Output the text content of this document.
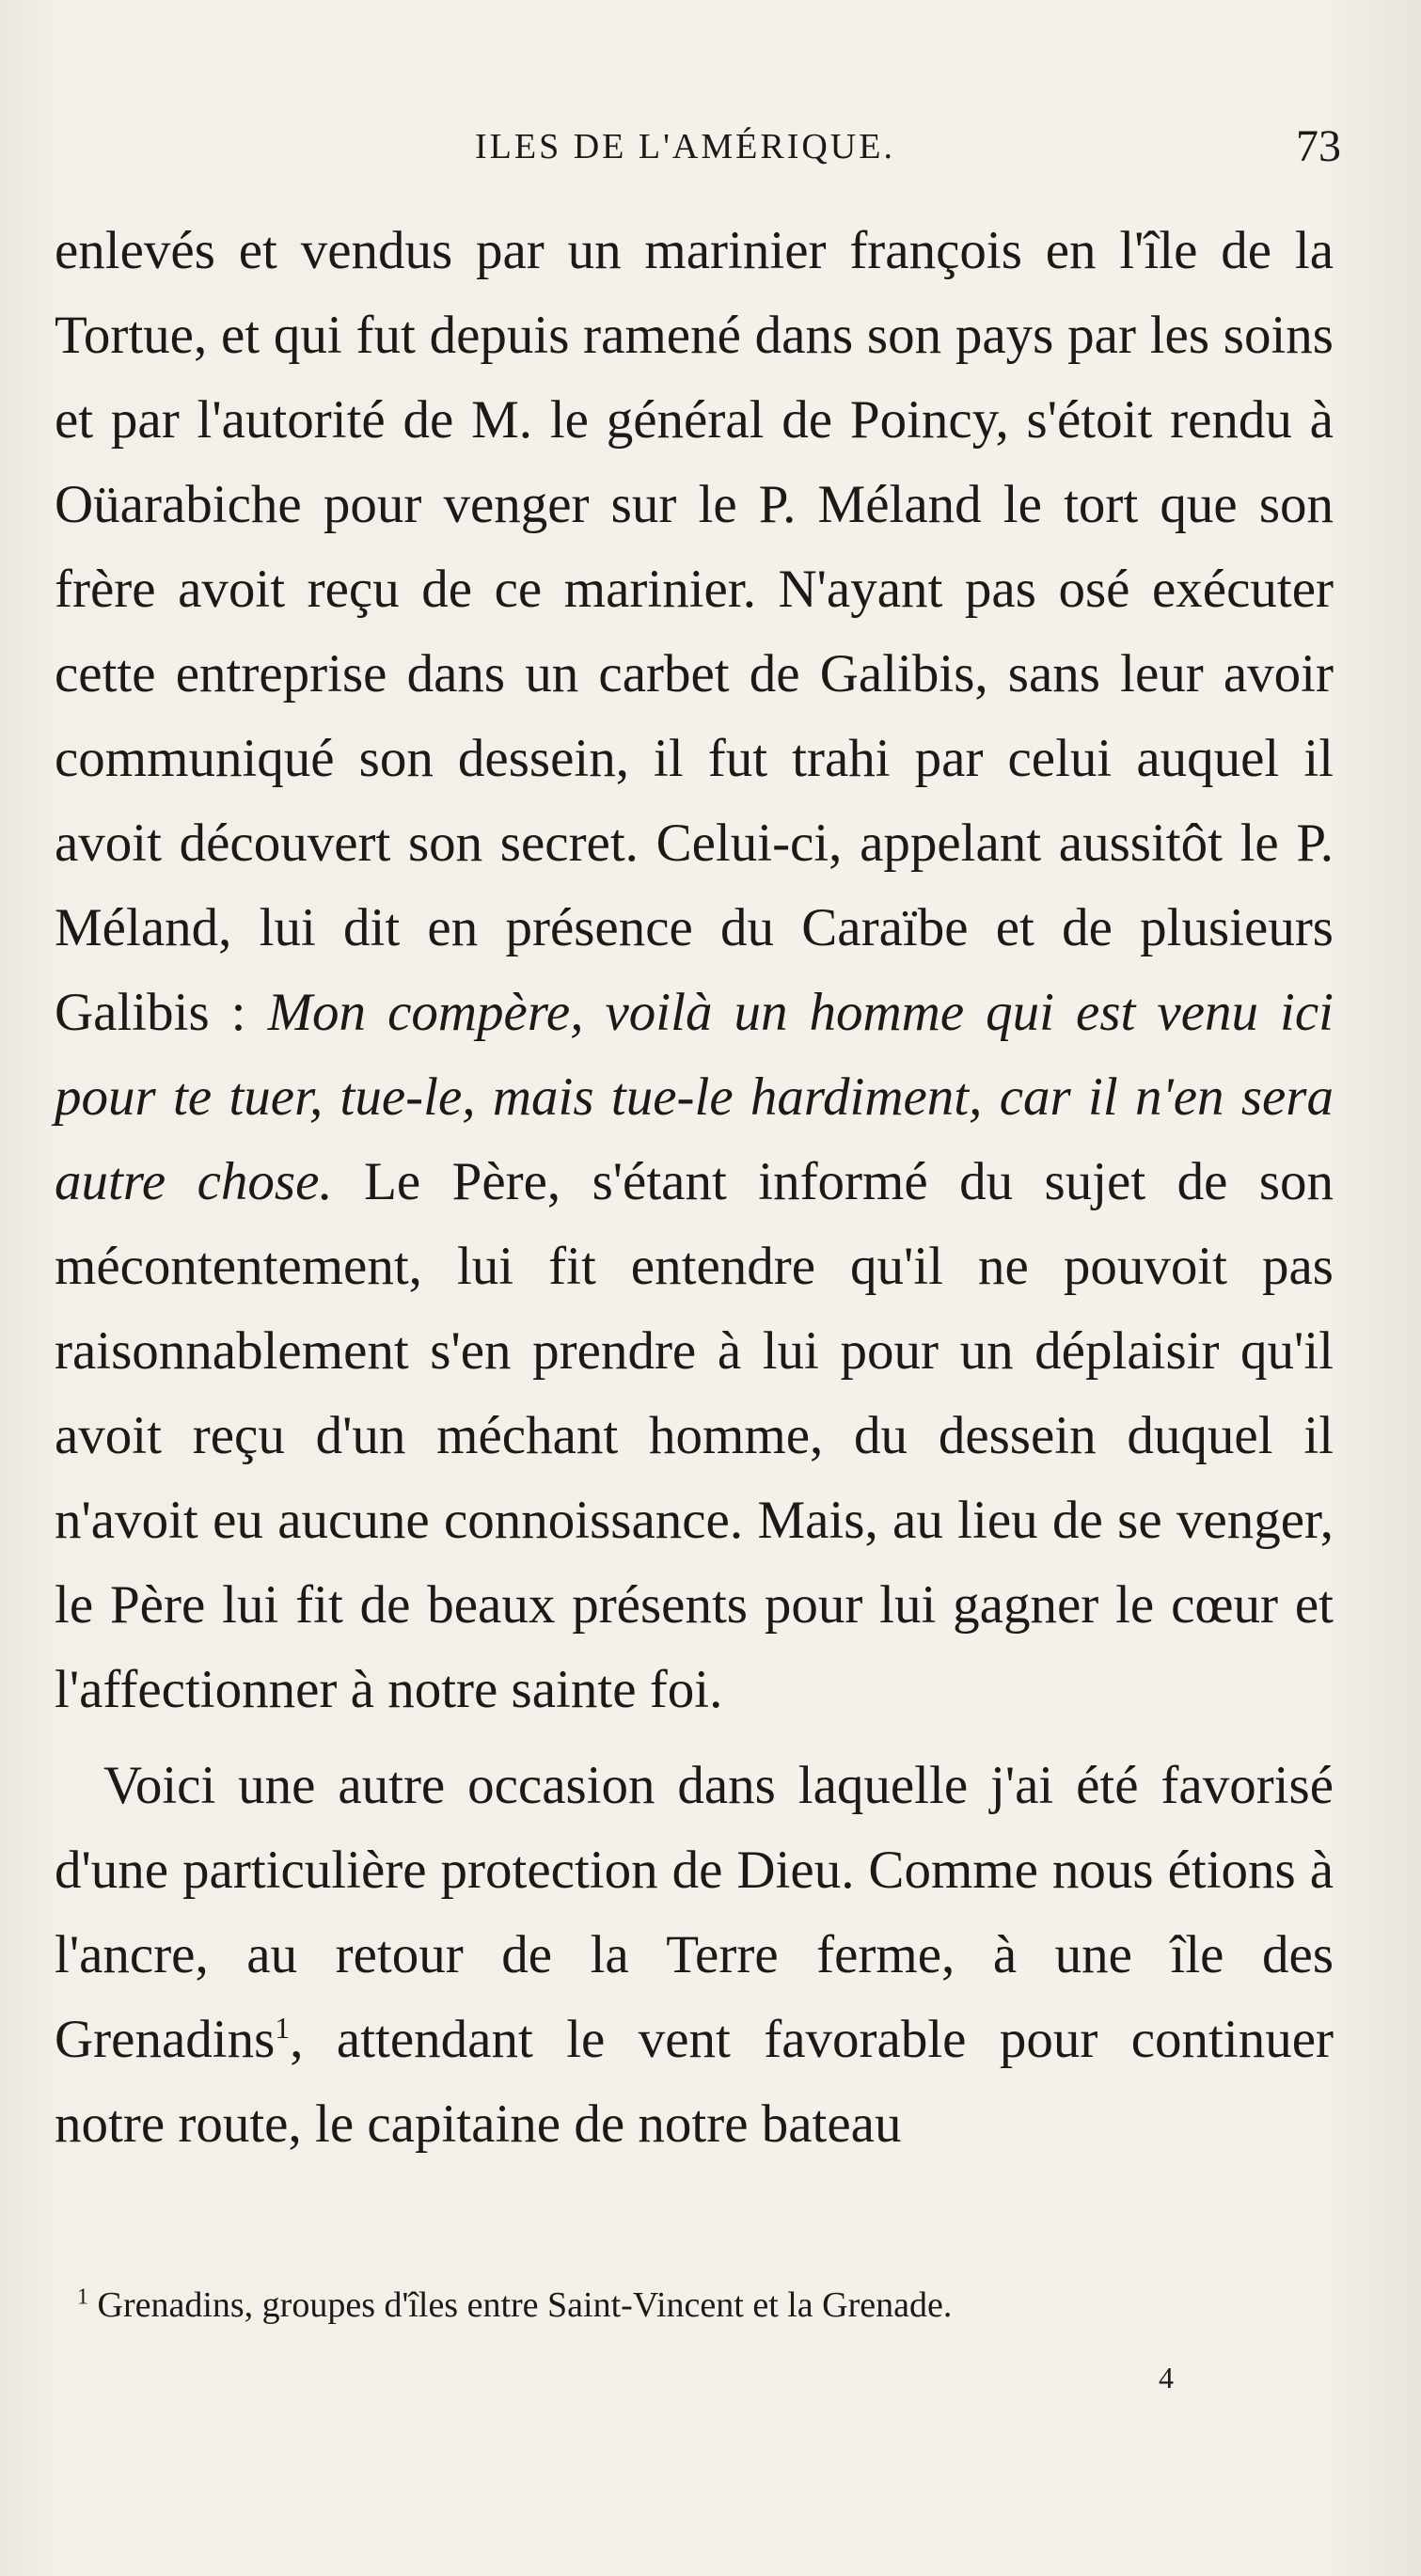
ILES DE L'AMÉRIQUE.	73

enlevés et vendus par un marinier françois en l'île de la Tortue, et qui fut depuis ramené dans son pays par les soins et par l'autorité de M. le général de Poincy, s'étoit rendu à Oüarabiche pour venger sur le P. Méland le tort que son frère avoit reçu de ce marinier. N'ayant pas osé exécuter cette entreprise dans un carbet de Galibis, sans leur avoir communiqué son dessein, il fut trahi par celui auquel il avoit découvert son secret. Celui-ci, appelant aussitôt le P. Méland, lui dit en présence du Caraïbe et de plusieurs Galibis : Mon compère, voilà un homme qui est venu ici pour te tuer, tue-le, mais tue-le hardiment, car il n'en sera autre chose. Le Père, s'étant informé du sujet de son mécontentement, lui fit entendre qu'il ne pouvoit pas raisonnablement s'en prendre à lui pour un déplaisir qu'il avoit reçu d'un méchant homme, du dessein duquel il n'avoit eu aucune connoissance. Mais, au lieu de se venger, le Père lui fit de beaux présents pour lui gagner le cœur et l'affectionner à notre sainte foi.

Voici une autre occasion dans laquelle j'ai été favorisé d'une particulière protection de Dieu. Comme nous étions à l'ancre, au retour de la Terre ferme, à une île des Grenadins$^1$, attendant le vent favorable pour continuer notre route, le capitaine de notre bateau

$^1$ Grenadins, groupes d'îles entre Saint-Vincent et la Grenade.
4
